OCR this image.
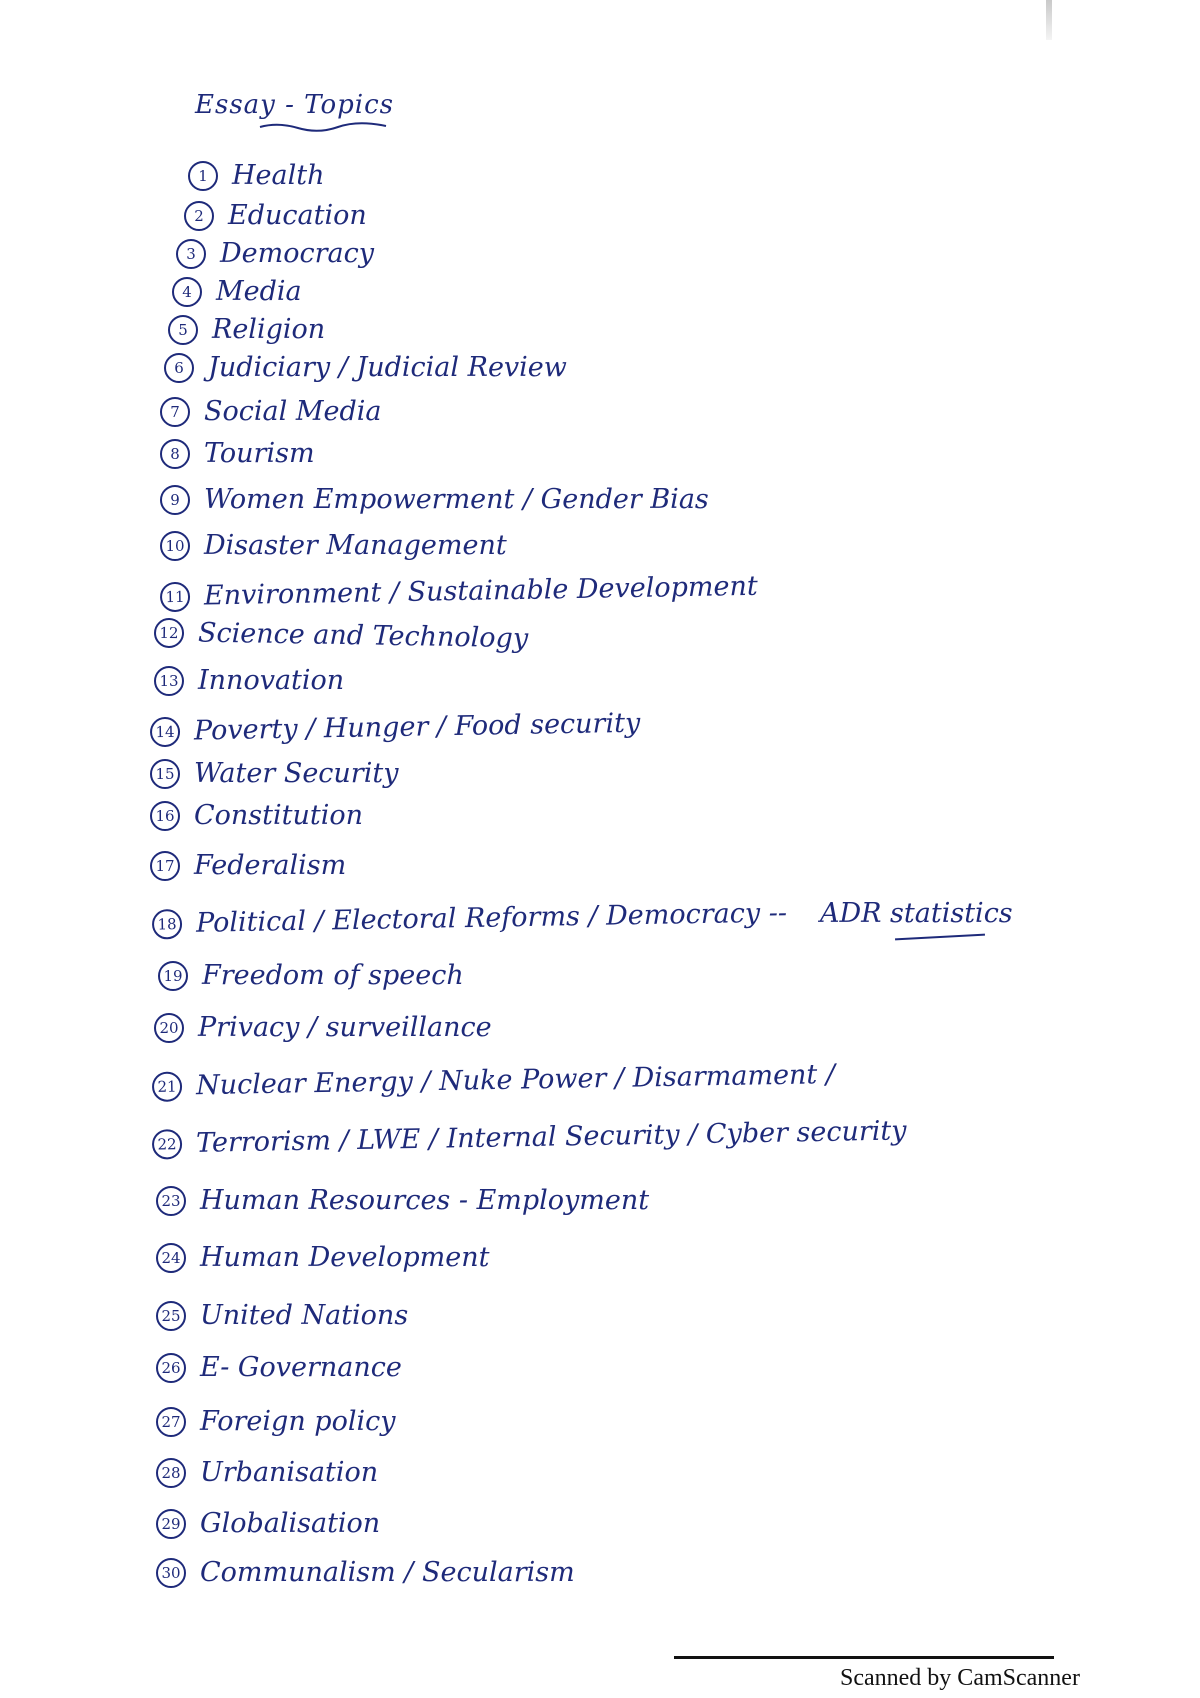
Essay - Topics
1 Health
2 Education
3 Democracy
4 Media
5 Religion
6 Judiciary / Judicial Review
7 Social Media
8 Tourism
9 Women Empowerment / Gender Bias
10 Disaster Management
11 Environment / Sustainable Development
12 Science and Technology
13 Innovation
14 Poverty / Hunger / Food security
15 Water Security
16 Constitution
17 Federalism
18 Political / Electoral Reforms / Democracy --
19 Freedom of speech
20 Privacy / surveillance
21 Nuclear Energy / Nuke Power / Disarmament /
22 Terrorism / LWE / Internal Security / Cyber security
23 Human Resources - Employment
24 Human Development
25 United Nations
26 E- Governance
27 Foreign policy
28 Urbanisation
29 Globalisation
30 Communalism / Secularism
ADR statistics
Scanned by CamScanner
